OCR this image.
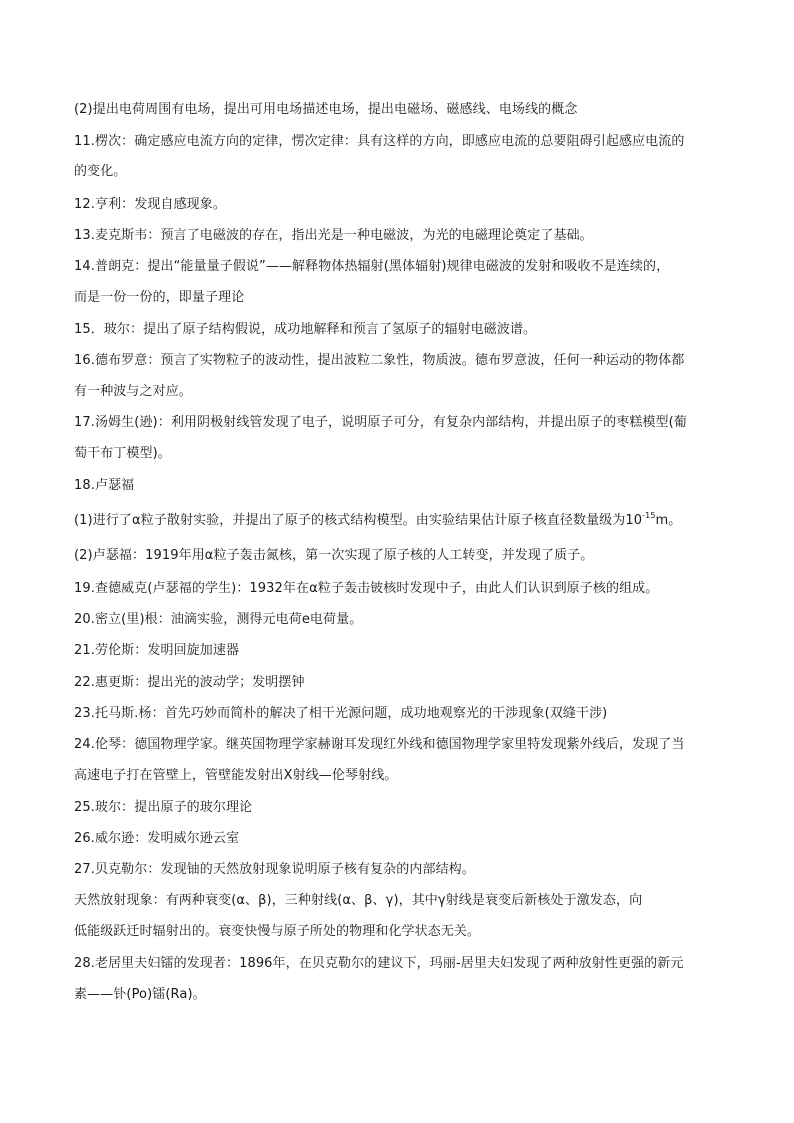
(2)提出电荷周围有电场，提出可用电场描述电场，提出电磁场、磁感线、电场线的概念
11.楞次：确定感应电流方向的定律，愣次定律：具有这样的方向，即感应电流的总要阻碍引起感应电流的
的变化。
12.亨利：发现自感现象。
13.麦克斯韦：预言了电磁波的存在，指出光是一种电磁波，为光的电磁理论奠定了基础。
14.普朗克：提出“能量量子假说”——解释物体热辐射(黑体辐射)规律电磁波的发射和吸收不是连续的，
而是一份一份的，即量子理论
15．玻尔：提出了原子结构假说，成功地解释和预言了氢原子的辐射电磁波谱。
16.德布罗意：预言了实物粒子的波动性，提出波粒二象性，物质波。德布罗意波，任何一种运动的物体都
有一种波与之对应。
17.汤姆生(逊)：利用阴极射线管发现了电子，说明原子可分，有复杂内部结构，并提出原子的枣糕模型(葡
萄干布丁模型)。
18.卢瑟福
(1)进行了α粒子散射实验，并提出了原子的核式结构模型。由实验结果估计原子核直径数量级为$10^{-15}m$。
(2)卢瑟福：1919年用α粒子轰击氮核，第一次实现了原子核的人工转变，并发现了质子。
19.查德威克(卢瑟福的学生)：1932年在α粒子轰击铍核时发现中子，由此人们认识到原子核的组成。
20.密立(里)根：油滴实验，测得元电荷e电荷量。
21.劳伦斯：发明回旋加速器
22.惠更斯：提出光的波动学；发明摆钟
23.托马斯.杨：首先巧妙而简朴的解决了相干光源问题，成功地观察光的干涉现象(双缝干涉)
24.伦琴：德国物理学家。继英国物理学家赫谢耳发现红外线和德国物理学家里特发现紫外线后，发现了当
高速电子打在管壁上，管壁能发射出X射线—伦琴射线。
25.玻尔：提出原子的玻尔理论
26.威尔逊：发明威尔逊云室
27.贝克勒尔：发现铀的天然放射现象说明原子核有复杂的内部结构。
天然放射现象：有两种衰变(α、β)，三种射线(α、β、γ)，其中γ射线是衰变后新核处于激发态，向
低能级跃迁时辐射出的。衰变快慢与原子所处的物理和化学状态无关。
28.老居里夫妇镭的发现者：1896年，在贝克勒尔的建议下，玛丽-居里夫妇发现了两种放射性更强的新元
素——钋(Po)镭(Ra)。
